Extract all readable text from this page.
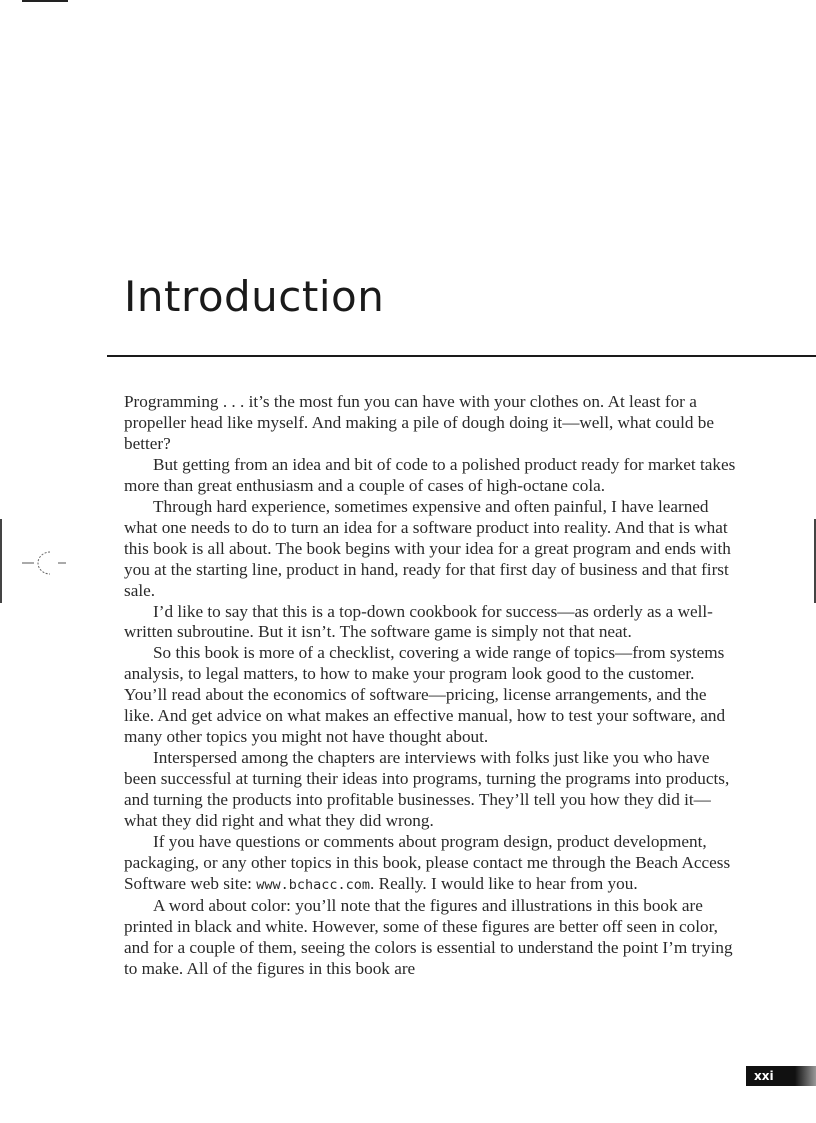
Introduction

Programming . . . it’s the most fun you can have with your clothes on. At least for a propeller head like myself. And making a pile of dough doing it—well, what could be better?

But getting from an idea and bit of code to a polished product ready for market takes more than great enthusiasm and a couple of cases of high-octane cola.

Through hard experience, sometimes expensive and often painful, I have learned what one needs to do to turn an idea for a software product into reality. And that is what this book is all about. The book begins with your idea for a great program and ends with you at the starting line, product in hand, ready for that first day of business and that first sale.

I’d like to say that this is a top-down cookbook for success—as orderly as a well-written subroutine. But it isn’t. The software game is simply not that neat.

So this book is more of a checklist, covering a wide range of topics—from systems analysis, to legal matters, to how to make your program look good to the customer. You’ll read about the economics of software—pricing, license arrangements, and the like. And get advice on what makes an effective manual, how to test your software, and many other topics you might not have thought about.

Interspersed among the chapters are interviews with folks just like you who have been successful at turning their ideas into programs, turning the programs into products, and turning the products into profitable businesses. They’ll tell you how they did it—what they did right and what they did wrong.

If you have questions or comments about program design, product development, packaging, or any other topics in this book, please contact me through the Beach Access Software web site: www.bchacc.com. Really. I would like to hear from you.

A word about color: you’ll note that the figures and illustrations in this book are printed in black and white. However, some of these figures are better off seen in color, and for a couple of them, seeing the colors is essential to understand the point I’m trying to make. All of the figures in this book are

xxi
